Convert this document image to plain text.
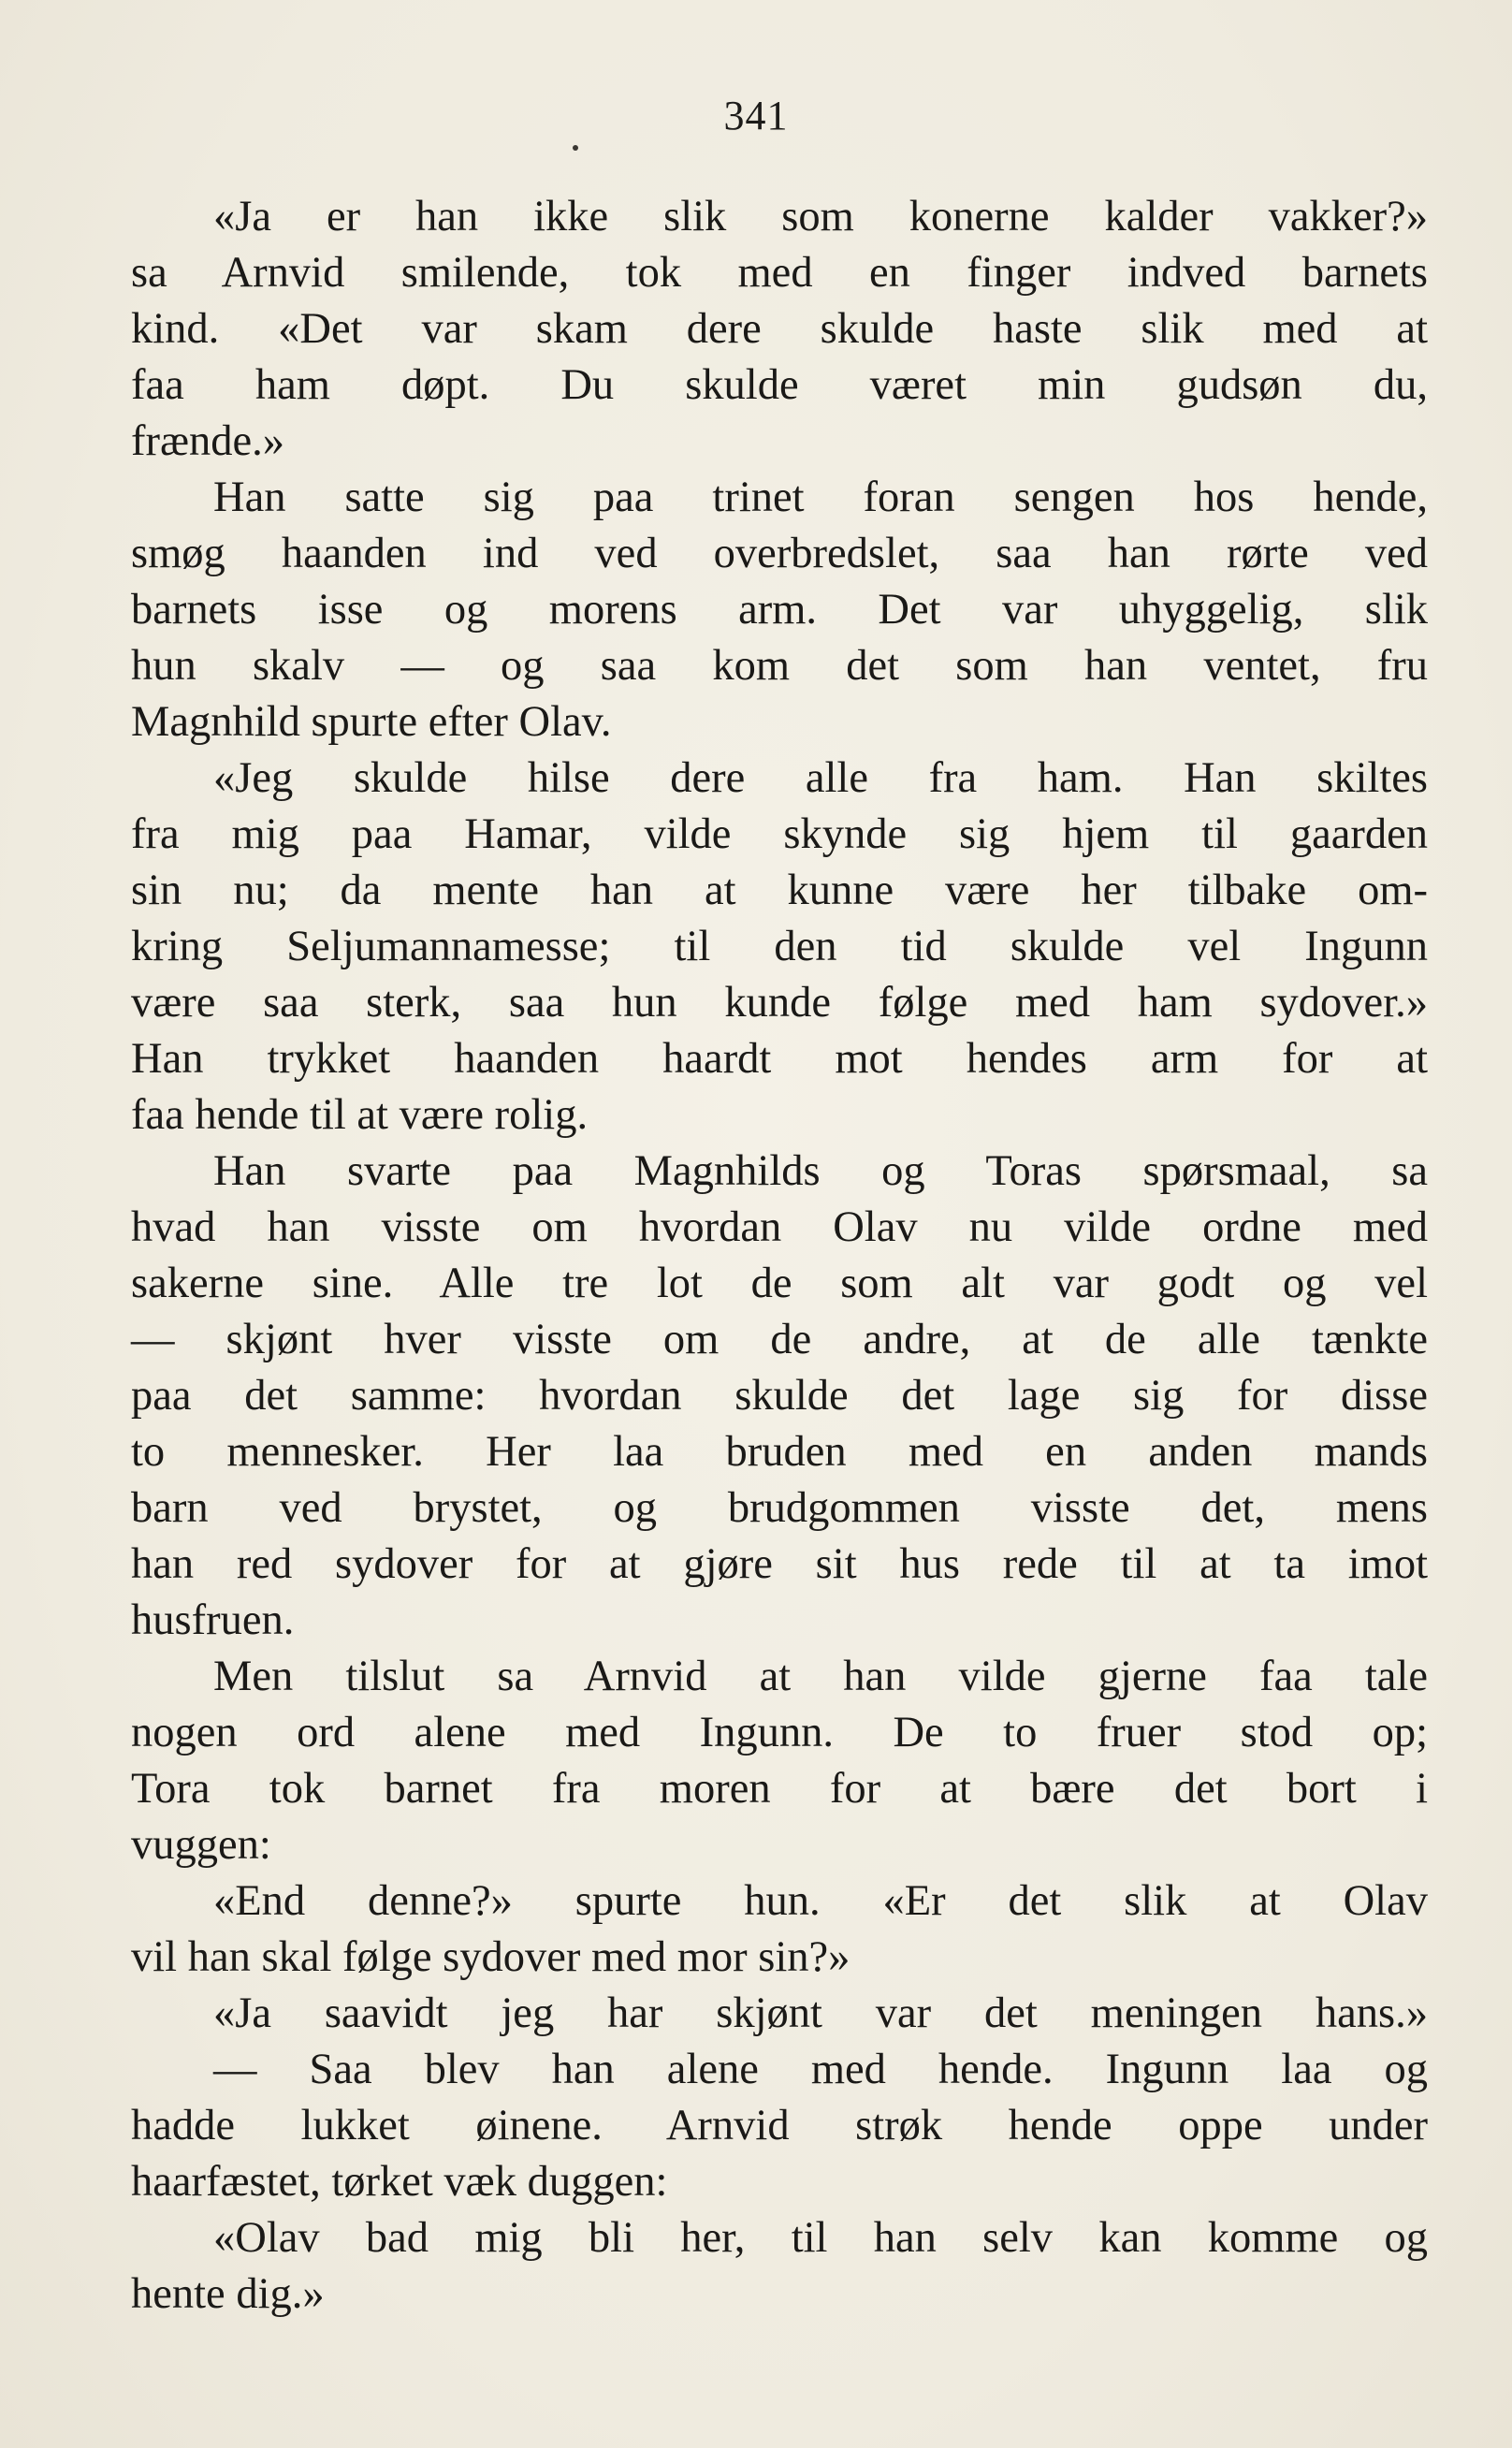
341
«Ja er han ikke slik som konerne kalder vakker?»
sa Arnvid smilende, tok med en finger indved barnets
kind. «Det var skam dere skulde haste slik med at
faa ham døpt. Du skulde været min gudsøn du,
frænde.»
Han satte sig paa trinet foran sengen hos hende,
smøg haanden ind ved overbredslet, saa han rørte ved
barnets isse og morens arm. Det var uhyggelig, slik
hun skalv — og saa kom det som han ventet, fru
Magnhild spurte efter Olav.
«Jeg skulde hilse dere alle fra ham. Han skiltes
fra mig paa Hamar, vilde skynde sig hjem til gaarden
sin nu; da mente han at kunne være her tilbake om-
kring Seljumannamesse; til den tid skulde vel Ingunn
være saa sterk, saa hun kunde følge med ham sydover.»
Han trykket haanden haardt mot hendes arm for at
faa hende til at være rolig.
Han svarte paa Magnhilds og Toras spørsmaal, sa
hvad han visste om hvordan Olav nu vilde ordne med
sakerne sine. Alle tre lot de som alt var godt og vel
— skjønt hver visste om de andre, at de alle tænkte
paa det samme: hvordan skulde det lage sig for disse
to mennesker. Her laa bruden med en anden mands
barn ved brystet, og brudgommen visste det, mens
han red sydover for at gjøre sit hus rede til at ta imot
husfruen.
Men tilslut sa Arnvid at han vilde gjerne faa tale
nogen ord alene med Ingunn. De to fruer stod op;
Tora tok barnet fra moren for at bære det bort i
vuggen:
«End denne?» spurte hun. «Er det slik at Olav
vil han skal følge sydover med mor sin?»
«Ja saavidt jeg har skjønt var det meningen hans.»
— Saa blev han alene med hende. Ingunn laa og
hadde lukket øinene. Arnvid strøk hende oppe under
haarfæstet, tørket væk duggen:
«Olav bad mig bli her, til han selv kan komme og
hente dig.»
